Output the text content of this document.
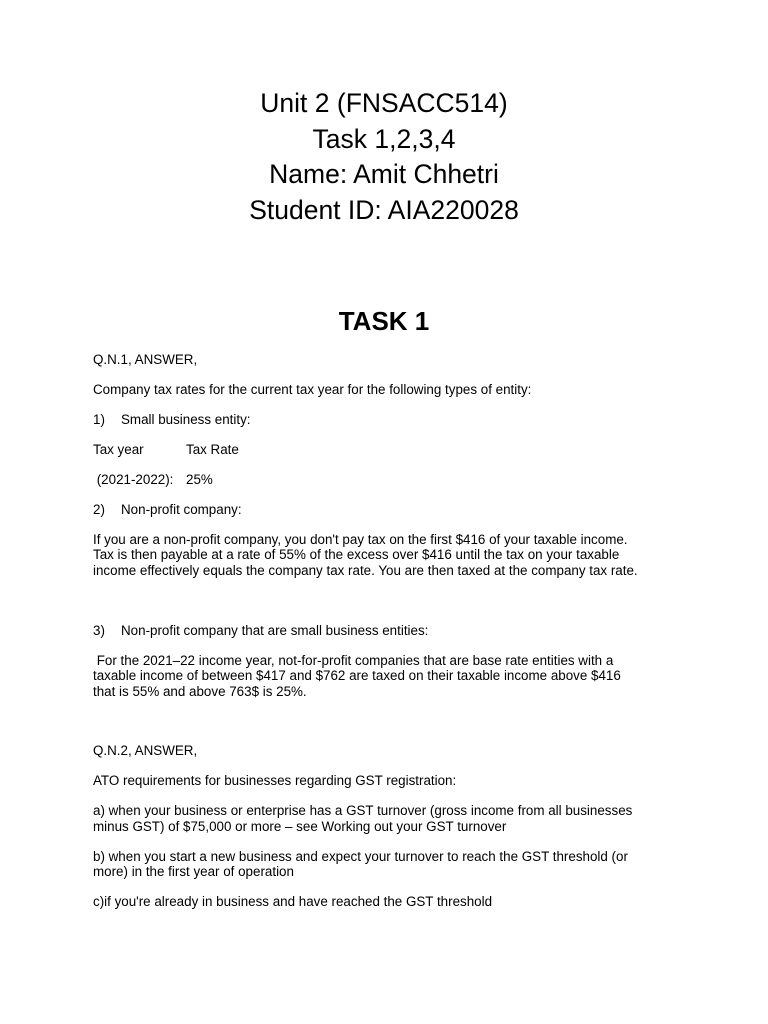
Unit 2 (FNSACC514)
Task 1,2,3,4
Name: Amit Chhetri
Student ID: AIA220028
TASK 1
Q.N.1, ANSWER,
Company tax rates for the current tax year for the following types of entity:
1) Small business entity:
Tax year	Tax Rate
(2021-2022): 25%
2) Non-profit company:
If you are a non-profit company, you don't pay tax on the first $416 of your taxable income.
Tax is then payable at a rate of 55% of the excess over $416 until the tax on your taxable
income effectively equals the company tax rate. You are then taxed at the company tax rate.
3) Non-profit company that are small business entities:
For the 2021–22 income year, not-for-profit companies that are base rate entities with a
taxable income of between $417 and $762 are taxed on their taxable income above $416
that is 55% and above 763$ is 25%.
Q.N.2, ANSWER,
ATO requirements for businesses regarding GST registration:
a) when your business or enterprise has a GST turnover (gross income from all businesses
minus GST) of $75,000 or more – see Working out your GST turnover
b) when you start a new business and expect your turnover to reach the GST threshold (or
more) in the first year of operation
c)if you're already in business and have reached the GST threshold
